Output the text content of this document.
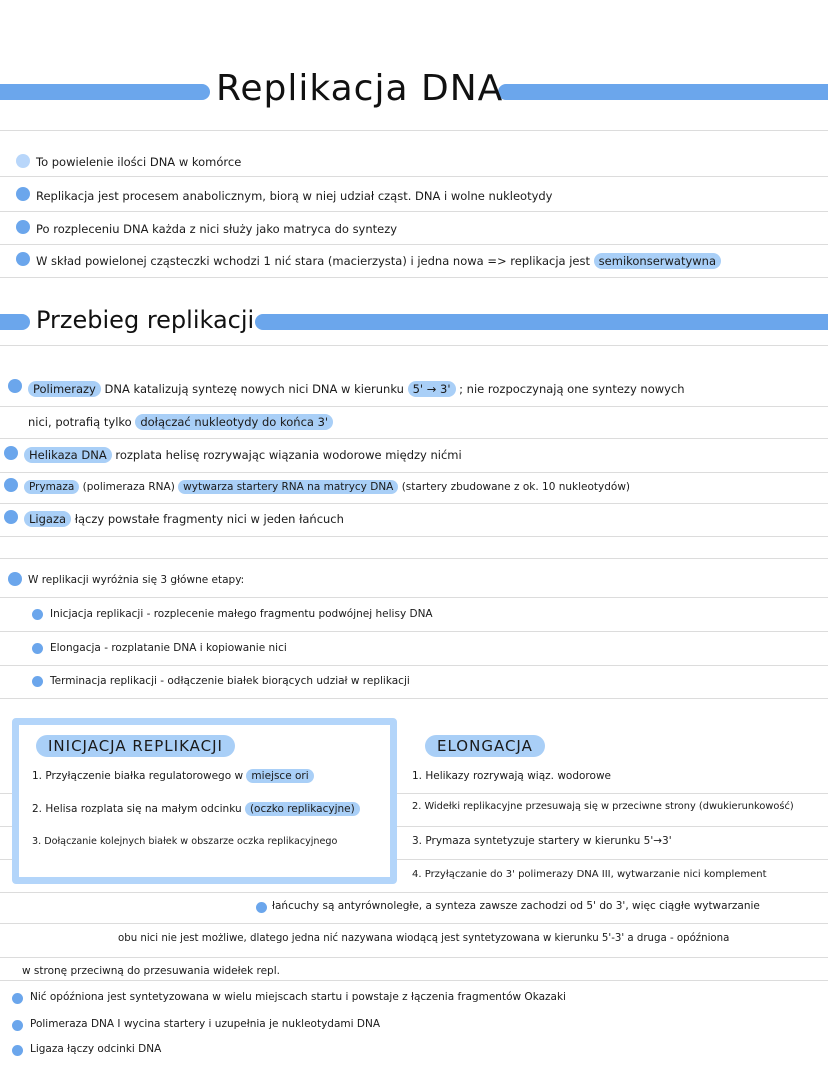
Replikacja DNA
To powielenie ilości DNA w komórce
Replikacja jest procesem anabolicznym, biorą w niej udział cząst. DNA i wolne nukleotydy
Po rozpleceniu DNA każda z nici służy jako matryca do syntezy
W skład powielonej cząsteczki wchodzi 1 nić stara (macierzysta) i jedna nowa => replikacja jest semikonserwatywna
Przebieg replikacji
Polimerazy DNA katalizują syntezę nowych nici DNA w kierunku 5' → 3' ; nie rozpoczynają one syntezy nowych
nici, potrafią tylko dołączać nukleotydy do końca 3'
Helikaza DNA rozplata helisę rozrywając wiązania wodorowe między nićmi
Prymaza (polimeraza RNA) wytwarza startery RNA na matrycy DNA (startery zbudowane z ok. 10 nukleotydów)
Ligaza łączy powstałe fragmenty nici w jeden łańcuch
W replikacji wyróżnia się 3 główne etapy:
Inicjacja replikacji - rozplecenie małego fragmentu podwójnej helisy DNA
Elongacja - rozplatanie DNA i kopiowanie nici
Terminacja replikacji - odłączenie białek biorących udział w replikacji
INICJACJA REPLIKACJI
1. Przyłączenie białka regulatorowego w miejsce ori
2. Helisa rozplata się na małym odcinku (oczko replikacyjne)
3. Dołączanie kolejnych białek w obszarze oczka replikacyjnego
ELONGACJA
1. Helikazy rozrywają wiąz. wodorowe
2. Widełki replikacyjne przesuwają się w przeciwne strony (dwukierunkowość)
3. Prymaza syntetyzuje startery w kierunku 5'→3'
4. Przyłączanie do 3' polimerazy DNA III, wytwarzanie nici komplement
łańcuchy są antyrównoległe, a synteza zawsze zachodzi od 5' do 3', więc ciągłe wytwarzanie
obu nici nie jest możliwe, dlatego jedna nić nazywana wiodącą jest syntetyzowana w kierunku 5'-3' a druga - opóźniona
w stronę przeciwną do przesuwania widełek repl.
Nić opóźniona jest syntetyzowana w wielu miejscach startu i powstaje z łączenia fragmentów Okazaki
Polimeraza DNA I wycina startery i uzupełnia je nukleotydami DNA
Ligaza łączy odcinki DNA
